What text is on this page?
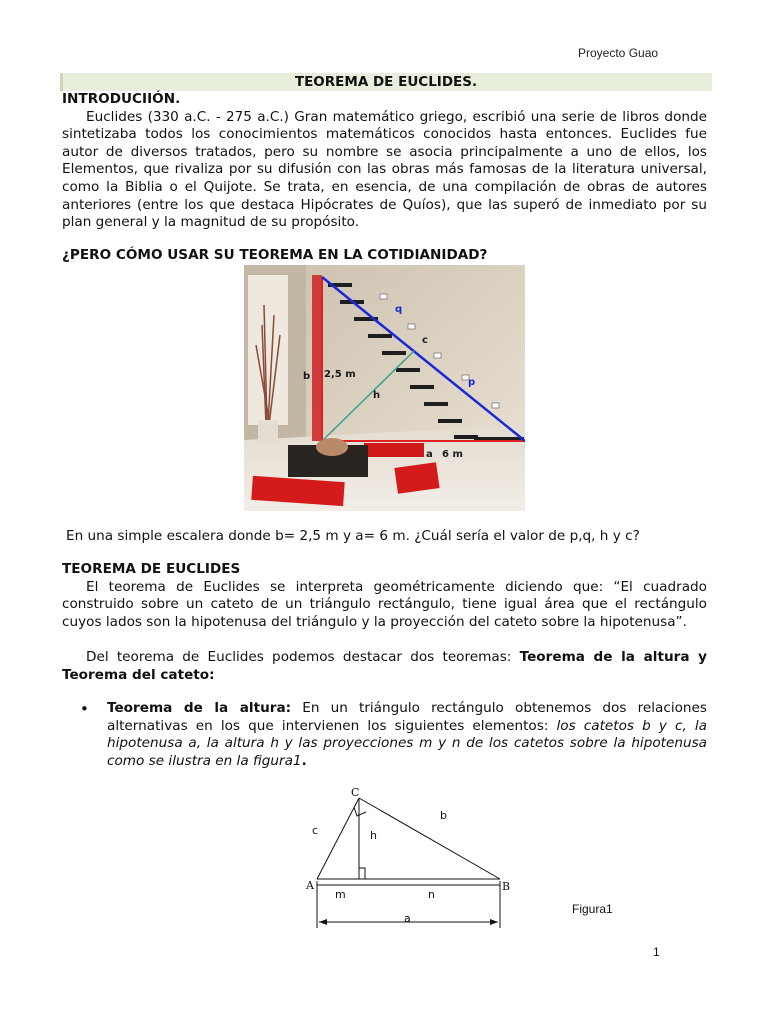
Proyecto Guao
TEOREMA DE EUCLIDES.
INTRODUCIIÓN.
Euclides (330 a.C. - 275 a.C.) Gran matemático griego, escribió una serie de libros donde sintetizaba todos los conocimientos matemáticos conocidos hasta entonces. Euclides fue autor de diversos tratados, pero su nombre se asocia principalmente a uno de ellos, los Elementos, que rivaliza por su difusión con las obras más famosas de la literatura universal, como la Biblia o el Quijote. Se trata, en esencia, de una compilación de obras de autores anteriores (entre los que destaca Hipócrates de Quíos), que las superó de inmediato por su plan general y la magnitud de su propósito.
¿PERO CÓMO USAR SU TEOREMA EN LA COTIDIANIDAD?
b 2,5 m
h
c
a 6 m
q
p
En una simple escalera donde b= 2,5 m y a= 6 m. ¿Cuál sería el valor de p,q, h y c?
TEOREMA DE EUCLIDES
El teorema de Euclides se interpreta geométricamente diciendo que: “El cuadrado construido sobre un cateto de un triángulo rectángulo, tiene igual área que el rectángulo cuyos lados son la hipotenusa del triángulo y la proyección del cateto sobre la hipotenusa”.
Del teorema de Euclides podemos destacar dos teoremas: Teorema de la altura y Teorema del cateto:
• Teorema de la altura: En un triángulo rectángulo obtenemos dos relaciones alternativas en los que intervienen los siguientes elementos: los catetos b y c, la hipotenusa a, la altura h y las proyecciones m y n de los catetos sobre la hipotenusa como se ilustra en la figura1.
C
A	B
c
b
h
m	n
a
Figura1
1
